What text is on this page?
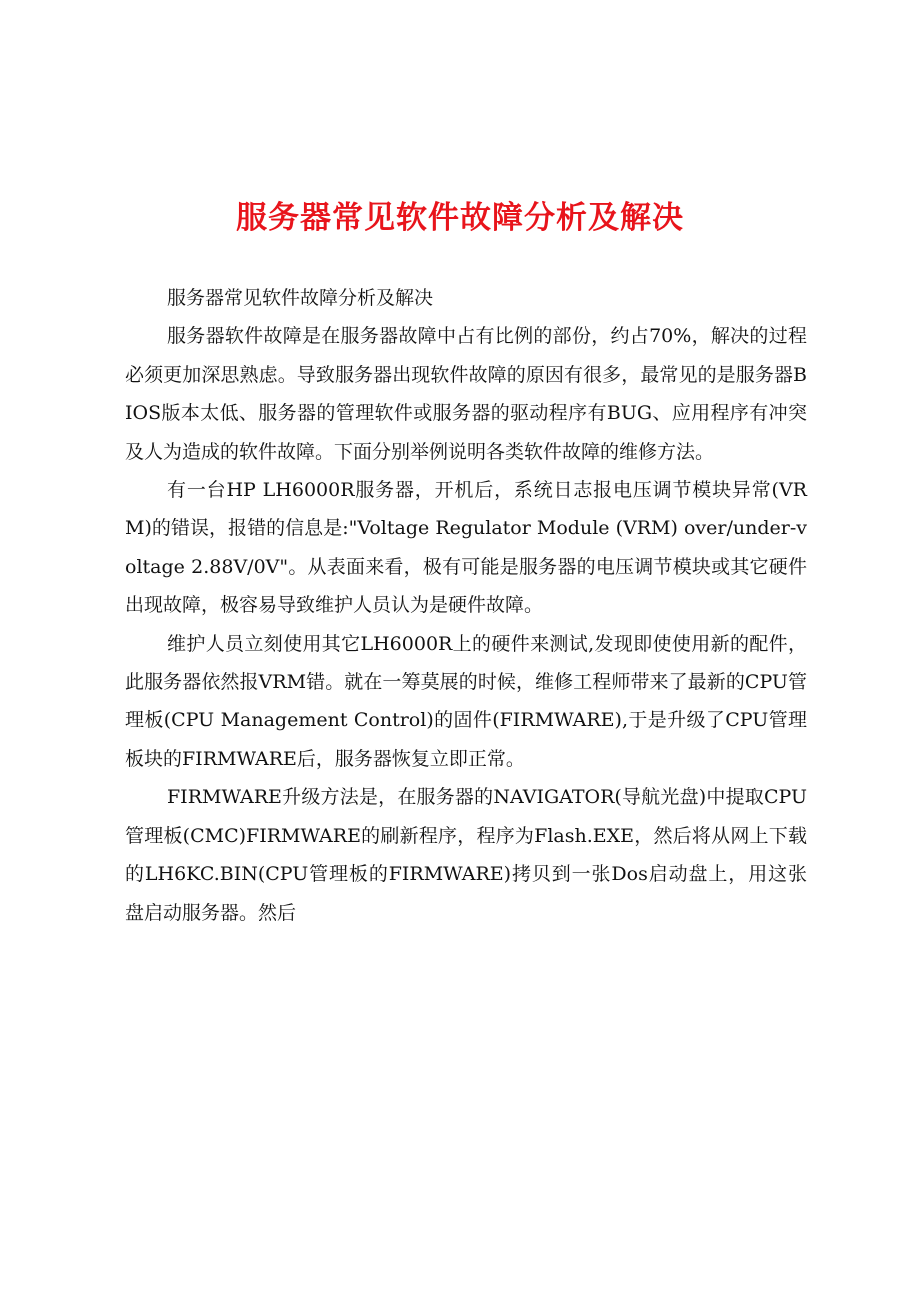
服务器常见软件故障分析及解决

服务器常见软件故障分析及解决

服务器软件故障是在服务器故障中占有比例的部份，约占70%，解决的过程必须更加深思熟虑。导致服务器出现软件故障的原因有很多，最常见的是服务器BIOS版本太低、服务器的管理软件或服务器的驱动程序有BUG、应用程序有冲突及人为造成的软件故障。下面分别举例说明各类软件故障的维修方法。

有一台HP LH6000R服务器，开机后，系统日志报电压调节模块异常(VRM)的错误，报错的信息是:"Voltage Regulator Module (VRM) over/under-voltage 2.88V/0V"。从表面来看，极有可能是服务器的电压调节模块或其它硬件出现故障，极容易导致维护人员认为是硬件故障。

维护人员立刻使用其它LH6000R上的硬件来测试,发现即使使用新的配件，此服务器依然报VRM错。就在一筹莫展的时候，维修工程师带来了最新的CPU管理板(CPU Management Control)的固件(FIRMWARE),于是升级了CPU管理板块的FIRMWARE后，服务器恢复立即正常。

FIRMWARE升级方法是，在服务器的NAVIGATOR(导航光盘)中提取CPU管理板(CMC)FIRMWARE的刷新程序，程序为Flash.EXE，然后将从网上下载的LH6KC.BIN(CPU管理板的FIRMWARE)拷贝到一张Dos启动盘上，用这张盘启动服务器。然后
